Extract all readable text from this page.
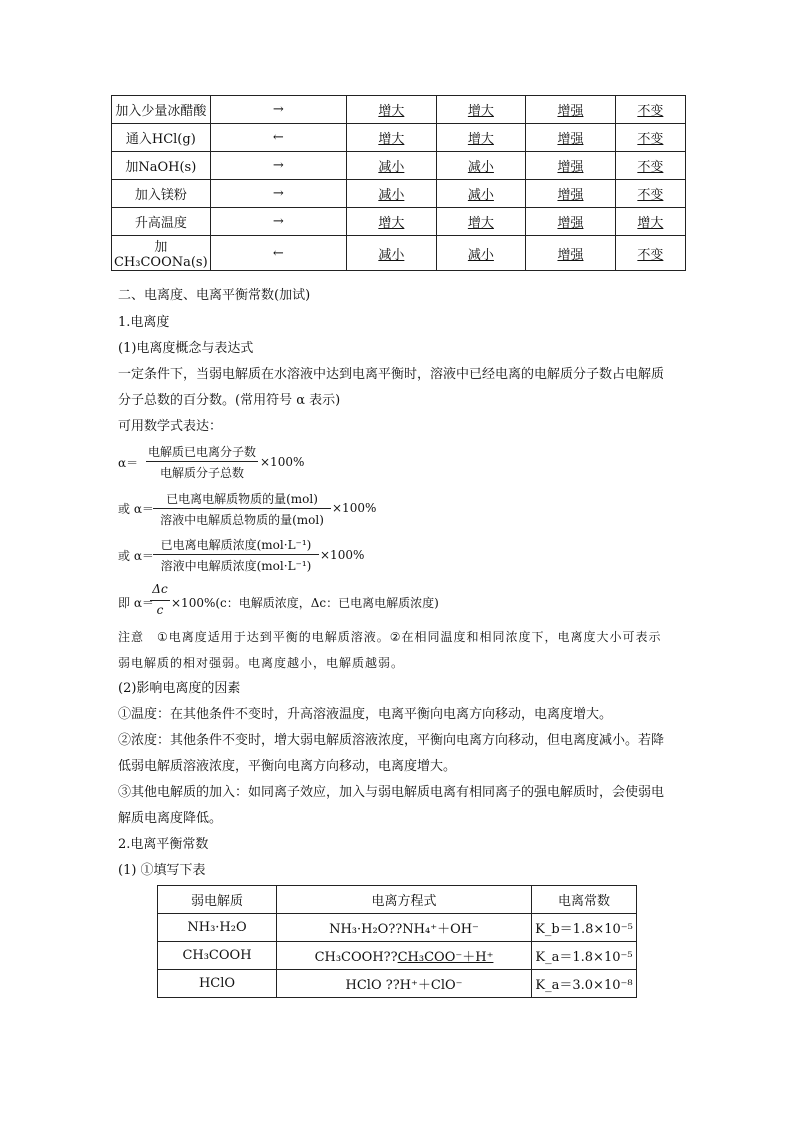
加入少量冰醋酸	→	增大	增大	增强	不变
通入HCl(g)	←	增大	增大	增强	不变
加NaOH(s)	→	减小	减小	增强	不变
加入镁粉	→	减小	减小	增强	不变
升高温度	→	增大	增大	增强	增大
加CH₃COONa(s)	←	减小	减小	增强	不变
二、电离度、电离平衡常数(加试)
1.电离度
(1)电离度概念与表达式
一定条件下，当弱电解质在水溶液中达到电离平衡时，溶液中已经电离的电解质分子数占电解质
分子总数的百分数。(常用符号 α 表示)
可用数学式表达：
α＝
电解质已电离分子数
电解质分子总数
×100%
或 α＝
已电离电解质物质的量(mol)
溶液中电解质总物质的量(mol)
×100%
或 α＝
已电离电解质浓度(mol·L⁻¹)
溶液中电解质浓度(mol·L⁻¹)
×100%
即 α＝
Δc
c ×100%(c：电解质浓度，Δc：已电离电解质浓度)
注意　①电离度适用于达到平衡的电解质溶液。②在相同温度和相同浓度下，电离度大小可表示
弱电解质的相对强弱。电离度越小，电解质越弱。
(2)影响电离度的因素
①温度：在其他条件不变时，升高溶液温度，电离平衡向电离方向移动，电离度增大。
②浓度：其他条件不变时，增大弱电解质溶液浓度，平衡向电离方向移动，但电离度减小。若降
低弱电解质溶液浓度，平衡向电离方向移动，电离度增大。
③其他电解质的加入：如同离子效应，加入与弱电解质电离有相同离子的强电解质时，会使弱电
解质电离度降低。
2.电离平衡常数
(1) ①填写下表
弱电解质	电离方程式	电离常数
NH₃·H₂O	NH₃·H₂O??NH₄⁺＋OH⁻	K_b＝1.8×10⁻⁵
CH₃COOH	CH₃COOH??CH₃COO⁻＋H⁺	K_a＝1.8×10⁻⁵
HClO	HClO ??H⁺＋ClO⁻	K_a＝3.0×10⁻⁸
